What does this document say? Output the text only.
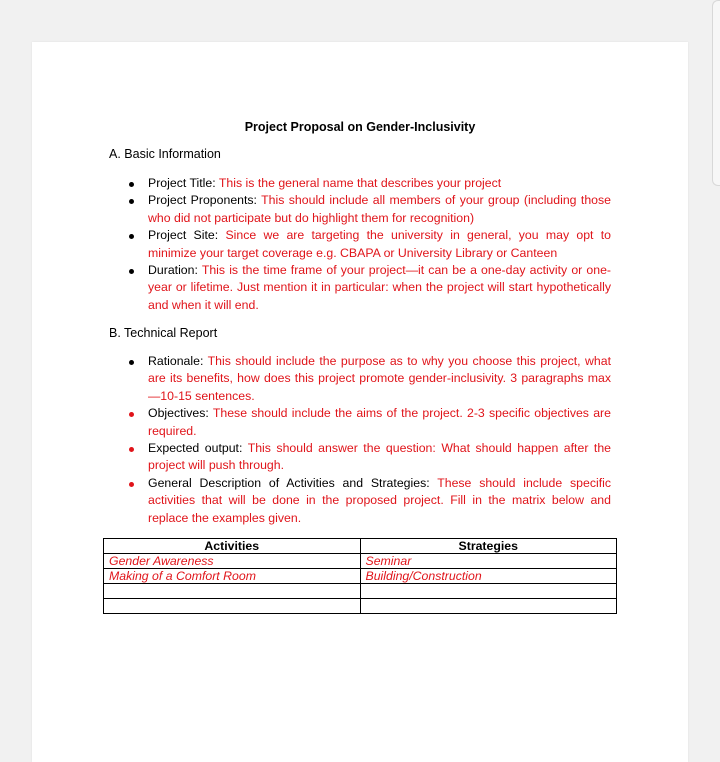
Project Proposal on Gender-Inclusivity
A. Basic Information
Project Title: This is the general name that describes your project
Project Proponents: This should include all members of your group (including those who did not participate but do highlight them for recognition)
Project Site: Since we are targeting the university in general, you may opt to minimize your target coverage e.g. CBAPA or University Library or Canteen
Duration: This is the time frame of your project—it can be a one-day activity or one-year or lifetime. Just mention it in particular: when the project will start hypothetically and when it will end.
B. Technical Report
Rationale: This should include the purpose as to why you choose this project, what are its benefits, how does this project promote gender-inclusivity. 3 paragraphs max—10-15 sentences.
Objectives: These should include the aims of the project. 2-3 specific objectives are required.
Expected output: This should answer the question: What should happen after the project will push through.
General Description of Activities and Strategies: These should include specific activities that will be done in the proposed project. Fill in the matrix below and replace the examples given.
Activities	Strategies
Gender Awareness	Seminar
Making of a Comfort Room	Building/Construction
